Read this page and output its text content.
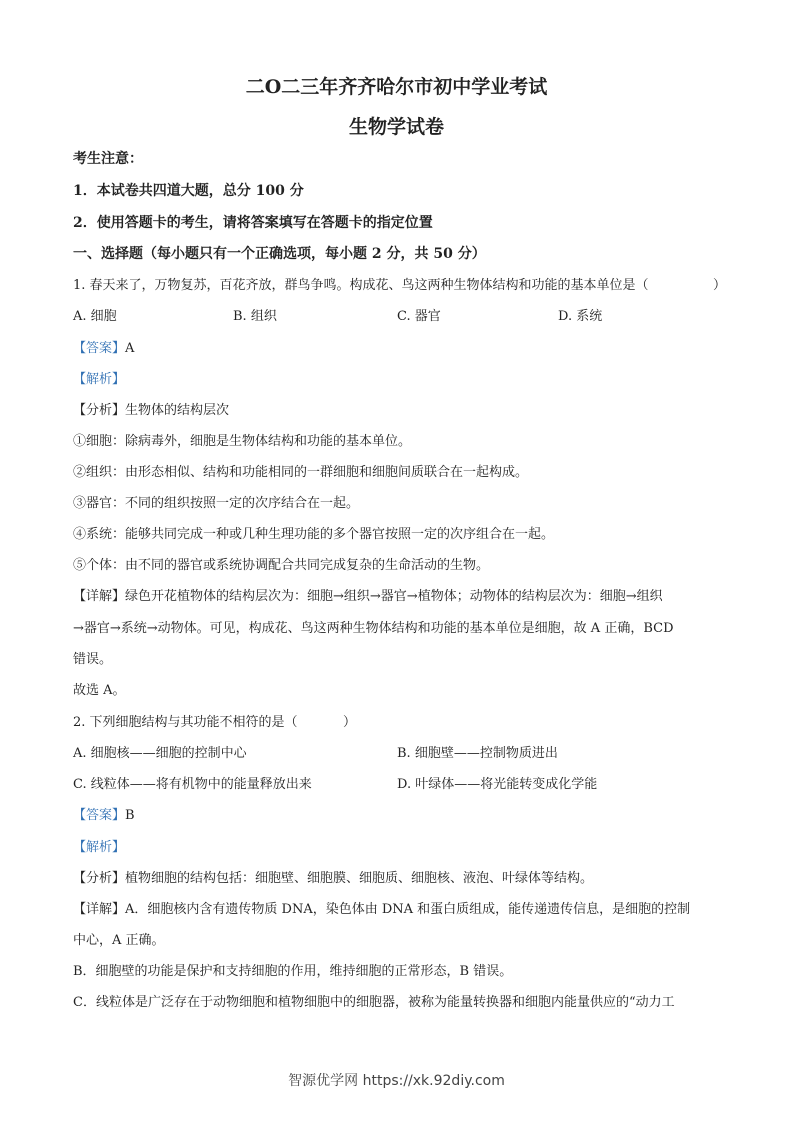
二O二三年齐齐哈尔市初中学业考试
生物学试卷
考生注意：
1．本试卷共四道大题，总分 100 分
2．使用答题卡的考生，请将答案填写在答题卡的指定位置
一、选择题（每小题只有一个正确选项，每小题 2 分，共 50 分）
1. 春天来了，万物复苏，百花齐放，群鸟争鸣。构成花、鸟这两种生物体结构和功能的基本单位是（	）
A. 细胞	B. 组织	C. 器官	D. 系统
【答案】A
【解析】
【分析】生物体的结构层次
①细胞：除病毒外，细胞是生物体结构和功能的基本单位。
②组织：由形态相似、结构和功能相同的一群细胞和细胞间质联合在一起构成。
③器官：不同的组织按照一定的次序结合在一起。
④系统：能够共同完成一种或几种生理功能的多个器官按照一定的次序组合在一起。
⑤个体：由不同的器官或系统协调配合共同完成复杂的生命活动的生物。
【详解】绿色开花植物体的结构层次为：细胞→组织→器官→植物体；动物体的结构层次为：细胞→组织
→器官→系统→动物体。可见，构成花、鸟这两种生物体结构和功能的基本单位是细胞，故 A 正确，BCD
错误。
故选 A。
2. 下列细胞结构与其功能不相符的是（	）
A. 细胞核——细胞的控制中心	B. 细胞壁——控制物质进出
C. 线粒体——将有机物中的能量释放出来	D. 叶绿体——将光能转变成化学能
【答案】B
【解析】
【分析】植物细胞的结构包括：细胞壁、细胞膜、细胞质、细胞核、液泡、叶绿体等结构。
【详解】A．细胞核内含有遗传物质 DNA，染色体由 DNA 和蛋白质组成，能传递遗传信息，是细胞的控制
中心，A 正确。
B．细胞壁的功能是保护和支持细胞的作用，维持细胞的正常形态，B 错误。
C．线粒体是广泛存在于动物细胞和植物细胞中的细胞器，被称为能量转换器和细胞内能量供应的“动力工
智源优学网 https://xk.92diy.com
